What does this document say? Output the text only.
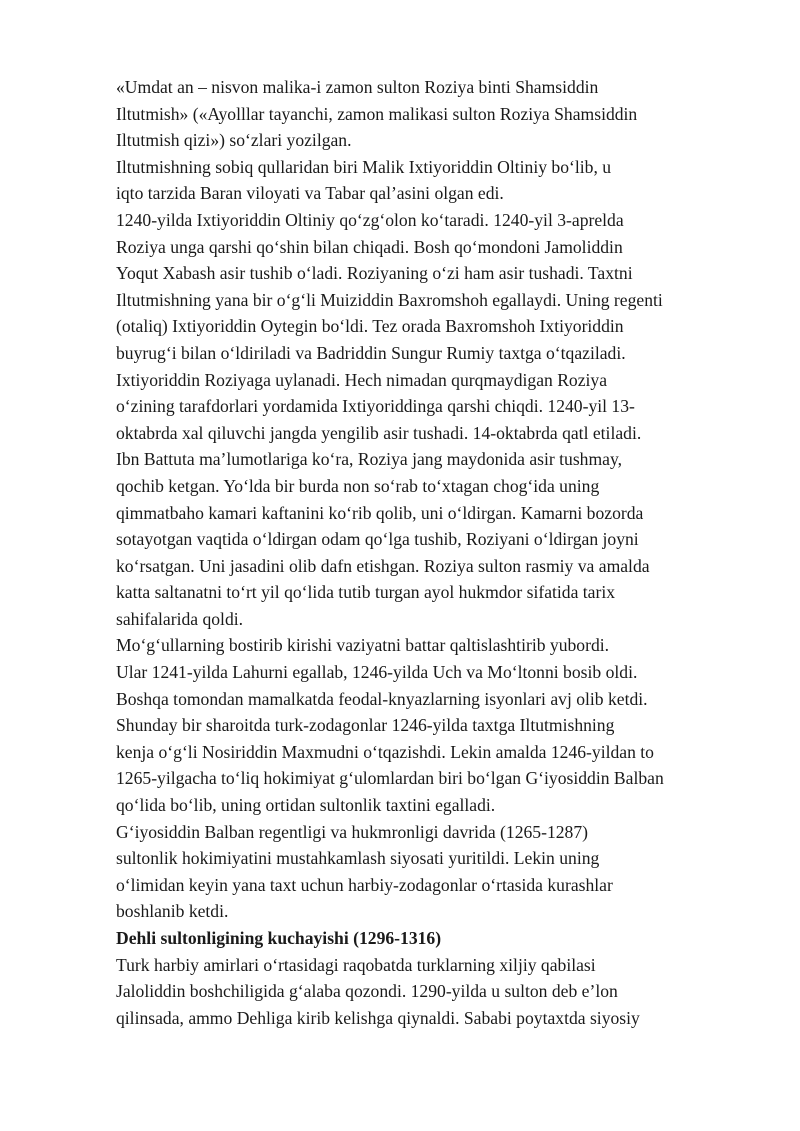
«Umdat an – nisvon malika-i zamon sulton Roziya binti Shamsiddin
Iltutmish» («Ayolllar tayanchi, zamon malikasi sulton Roziya Shamsiddin
Iltutmish qizi») so‘zlari yozilgan.
Iltutmishning sobiq qullaridan biri Malik Ixtiyoriddin Oltiniy bo‘lib, u
iqto tarzida Baran viloyati va Tabar qal’asini olgan edi.
1240-yilda Ixtiyoriddin Oltiniy qo‘zg‘olon ko‘taradi. 1240-yil 3-aprelda
Roziya unga qarshi qo‘shin bilan chiqadi. Bosh qo‘mondoni Jamoliddin
Yoqut Xabash asir tushib o‘ladi. Roziyaning o‘zi ham asir tushadi. Taxtni
Iltutmishning yana bir o‘g‘li Muiziddin Baxromshoh egallaydi. Uning regenti
(otaliq) Ixtiyoriddin Oytegin bo‘ldi. Tez orada Baxromshoh Ixtiyoriddin
buyrug‘i bilan o‘ldiriladi va Badriddin Sungur Rumiy taxtga o‘tqaziladi.
Ixtiyoriddin Roziyaga uylanadi. Hech nimadan qurqmaydigan Roziya
o‘zining tarafdorlari yordamida Ixtiyoriddinga qarshi chiqdi. 1240-yil 13-
oktabrda xal qiluvchi jangda yengilib asir tushadi. 14-oktabrda qatl etiladi.
Ibn Battuta ma’lumotlariga ko‘ra, Roziya jang maydonida asir tushmay,
qochib ketgan. Yo‘lda bir burda non so‘rab to‘xtagan chog‘ida uning
qimmatbaho kamari kaftanini ko‘rib qolib, uni o‘ldirgan. Kamarni bozorda
sotayotgan vaqtida o‘ldirgan odam qo‘lga tushib, Roziyani o‘ldirgan joyni
ko‘rsatgan. Uni jasadini olib dafn etishgan. Roziya sulton rasmiy va amalda
katta saltanatni to‘rt yil qo‘lida tutib turgan ayol hukmdor sifatida tarix
sahifalarida qoldi.
Mo‘g‘ullarning bostirib kirishi vaziyatni battar qaltislashtirib yubordi.
Ular 1241-yilda Lahurni egallab, 1246-yilda Uch va Mo‘ltonni bosib oldi.
Boshqa tomondan mamalkatda feodal-knyazlarning isyonlari avj olib ketdi.
Shunday bir sharoitda turk-zodagonlar 1246-yilda taxtga Iltutmishning
kenja o‘g‘li Nosiriddin Maxmudni o‘tqazishdi. Lekin amalda 1246-yildan to
1265-yilgacha to‘liq hokimiyat g‘ulomlardan biri bo‘lgan G‘iyosiddin Balban
qo‘lida bo‘lib, uning ortidan sultonlik taxtini egalladi.
G‘iyosiddin Balban regentligi va hukmronligi davrida (1265-1287)
sultonlik hokimiyatini mustahkamlash siyosati yuritildi. Lekin uning
o‘limidan keyin yana taxt uchun harbiy-zodagonlar o‘rtasida kurashlar
boshlanib ketdi.
Dehli sultonligining kuchayishi (1296-1316)
Turk harbiy amirlari o‘rtasidagi raqobatda turklarning xiljiy qabilasi
Jaloliddin boshchiligida g‘alaba qozondi. 1290-yilda u sulton deb e’lon
qilinsada, ammo Dehliga kirib kelishga qiynaldi. Sababi poytaxtda siyosiy
